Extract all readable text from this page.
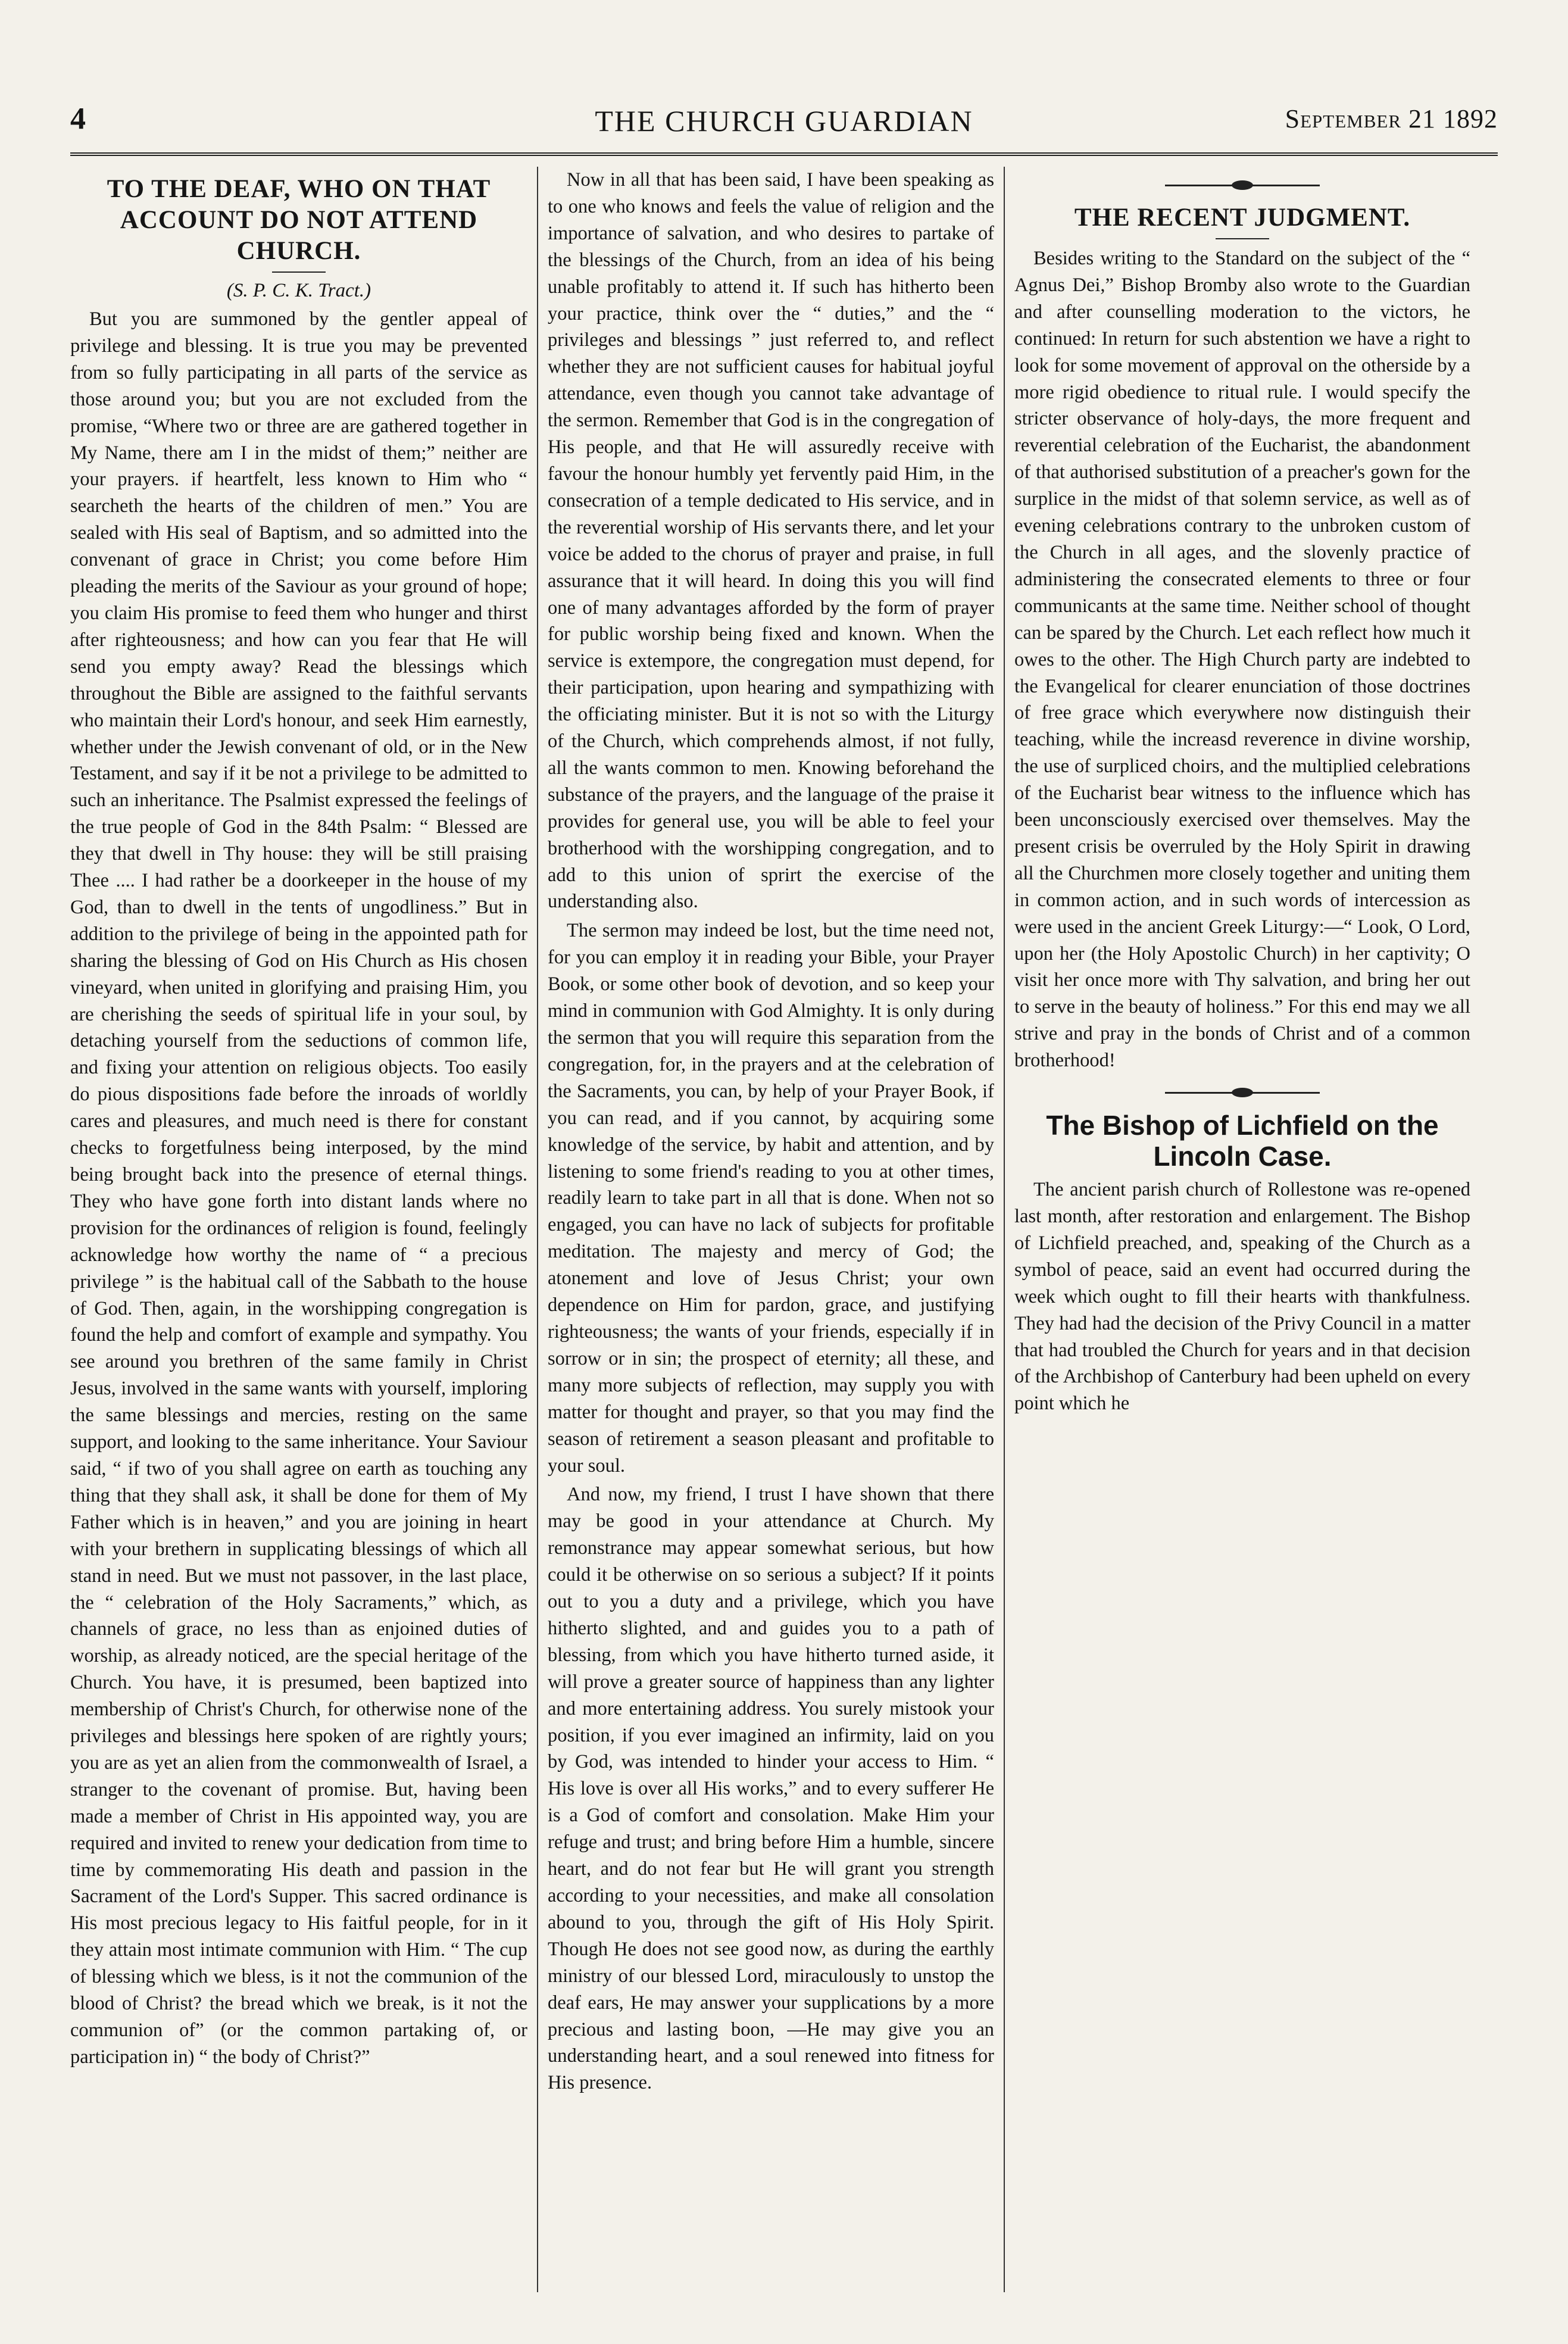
4	THE CHURCH GUARDIAN	September 21 1892
TO THE DEAF, WHO ON THAT ACCOUNT DO NOT ATTEND CHURCH.
(S. P. C. K. Tract.)

But you are summoned by the gentler appeal of privilege and blessing. It is true you may be prevented from so fully participating in all parts of the service as those around you; but you are not excluded from the promise, “Where two or three are are gathered together in My Name, there am I in the midst of them;” neither are your prayers. if heartfelt, less known to Him who “ searcheth the hearts of the children of men.” You are sealed with His seal of Baptism, and so admitted into the convenant of grace in Christ; you come before Him pleading the merits of the Saviour as your ground of hope; you claim His promise to feed them who hunger and thirst after righteousness; and how can you fear that He will send you empty away? Read the blessings which throughout the Bible are assigned to the faithful servants who maintain their Lord's honour, and seek Him earnestly, whether under the Jewish convenant of old, or in the New Testament, and say if it be not a privilege to be admitted to such an inheritance. The Psalmist expressed the feelings of the true people of God in the 84th Psalm: “ Blessed are they that dwell in Thy house: they will be still praising Thee .... I had rather be a doorkeeper in the house of my God, than to dwell in the tents of ungodliness.” But in addition to the privilege of being in the appointed path for sharing the blessing of God on His Church as His chosen vineyard, when united in glorifying and praising Him, you are cherishing the seeds of spiritual life in your soul, by detaching yourself from the seductions of common life, and fixing your attention on religious objects. Too easily do pious dispositions fade before the inroads of worldly cares and pleasures, and much need is there for constant checks to forgetfulness being interposed, by the mind being brought back into the presence of eternal things. They who have gone forth into distant lands where no provision for the ordinances of religion is found, feelingly acknowledge how worthy the name of “ a precious privilege ” is the habitual call of the Sabbath to the house of God. Then, again, in the worshipping congregation is found the help and comfort of example and sympathy. You see around you brethren of the same family in Christ Jesus, involved in the same wants with yourself, imploring the same blessings and mercies, resting on the same support, and looking to the same inheritance. Your Saviour said, “ if two of you shall agree on earth as touching any thing that they shall ask, it shall be done for them of My Father which is in heaven,” and you are joining in heart with your brethern in supplicating blessings of which all stand in need. But we must not passover, in the last place, the “ celebration of the Holy Sacraments,” which, as channels of grace, no less than as enjoined duties of worship, as already noticed, are the special heritage of the Church. You have, it is presumed, been baptized into membership of Christ's Church, for otherwise none of the privileges and blessings here spoken of are rightly yours; you are as yet an alien from the commonwealth of Israel, a stranger to the covenant of promise. But, having been made a member of Christ in His appointed way, you are required and invited to renew your dedication from time to time by commemorating His death and passion in the Sacrament of the Lord's Supper. This sacred ordinance is His most precious legacy to His faitful people, for in it they attain most intimate communion with Him. “ The cup of blessing which we bless, is it not the communion of the blood of Christ? the bread which we break, is it not the communion of” (or the common partaking of, or participation in) “ the body of Christ?”

Now in all that has been said, I have been speaking as to one who knows and feels the value of religion and the importance of salvation, and who desires to partake of the blessings of the Church, from an idea of his being unable profitably to attend it. If such has hitherto been your practice, think over the “ duties,” and the “ privileges and blessings ” just referred to, and reflect whether they are not sufficient causes for habitual joyful attendance, even though you cannot take advantage of the sermon. Remember that God is in the congregation of His people, and that He will assuredly receive with favour the honour humbly yet fervently paid Him, in the consecration of a temple dedicated to His service, and in the reverential worship of His servants there, and let your voice be added to the chorus of prayer and praise, in full assurance that it will heard. In doing this you will find one of many advantages afforded by the form of prayer for public worship being fixed and known. When the service is extempore, the congregation must depend, for their participation, upon hearing and sympathizing with the officiating minister. But it is not so with the Liturgy of the Church, which comprehends almost, if not fully, all the wants common to men. Knowing beforehand the substance of the prayers, and the language of the praise it provides for general use, you will be able to feel your brotherhood with the worshipping congregation, and to add to this union of sprirt the exercise of the understanding also.

The sermon may indeed be lost, but the time need not, for you can employ it in reading your Bible, your Prayer Book, or some other book of devotion, and so keep your mind in communion with God Almighty. It is only during the sermon that you will require this separation from the congregation, for, in the prayers and at the celebration of the Sacraments, you can, by help of your Prayer Book, if you can read, and if you cannot, by acquiring some knowledge of the service, by habit and attention, and by listening to some friend's reading to you at other times, readily learn to take part in all that is done. When not so engaged, you can have no lack of subjects for profitable meditation. The majesty and mercy of God; the atonement and love of Jesus Christ; your own dependence on Him for pardon, grace, and justifying righteousness; the wants of your friends, especially if in sorrow or in sin; the prospect of eternity; all these, and many more subjects of reflection, may supply you with matter for thought and prayer, so that you may find the season of retirement a season pleasant and profitable to your soul.

And now, my friend, I trust I have shown that there may be good in your attendance at Church. My remonstrance may appear somewhat serious, but how could it be otherwise on so serious a subject? If it points out to you a duty and a privilege, which you have hitherto slighted, and and guides you to a path of blessing, from which you have hitherto turned aside, it will prove a greater source of happiness than any lighter and more entertaining address. You surely mistook your position, if you ever imagined an infirmity, laid on you by God, was intended to hinder your access to Him. “ His love is over all His works,” and to every sufferer He is a God of comfort and consolation. Make Him your refuge and trust; and bring before Him a humble, sincere heart, and do not fear but He will grant you strength according to your necessities, and make all consolation abound to you, through the gift of His Holy Spirit. Though He does not see good now, as during the earthly ministry of our blessed Lord, miraculously to unstop the deaf ears, He may answer your supplications by a more precious and lasting boon, —He may give you an understanding heart, and a soul renewed into fitness for His presence.

THE RECENT JUDGMENT.

Besides writing to the Standard on the subject of the “ Agnus Dei,” Bishop Bromby also wrote to the Guardian and after counselling moderation to the victors, he continued: In return for such abstention we have a right to look for some movement of approval on the otherside by a more rigid obedience to ritual rule. I would specify the stricter observance of holy-days, the more frequent and reverential celebration of the Eucharist, the abandonment of that authorised substitution of a preacher's gown for the surplice in the midst of that solemn service, as well as of evening celebrations contrary to the unbroken custom of the Church in all ages, and the slovenly practice of administering the consecrated elements to three or four communicants at the same time. Neither school of thought can be spared by the Church. Let each reflect how much it owes to the other. The High Church party are indebted to the Evangelical for clearer enunciation of those doctrines of free grace which everywhere now distinguish their teaching, while the increasd reverence in divine worship, the use of surpliced choirs, and the multiplied celebrations of the Eucharist bear witness to the influence which has been unconsciously exercised over themselves. May the present crisis be overruled by the Holy Spirit in drawing all the Churchmen more closely together and uniting them in common action, and in such words of intercession as were used in the ancient Greek Liturgy:—“ Look, O Lord, upon her (the Holy Apostolic Church) in her captivity; O visit her once more with Thy salvation, and bring her out to serve in the beauty of holiness.” For this end may we all strive and pray in the bonds of Christ and of a common brotherhood!

The Bishop of Lichfield on the Lincoln Case.

The ancient parish church of Rollestone was re-opened last month, after restoration and enlargement. The Bishop of Lichfield preached, and, speaking of the Church as a symbol of peace, said an event had occurred during the week which ought to fill their hearts with thankfulness. They had had the decision of the Privy Council in a matter that had troubled the Church for years and in that decision of the Archbishop of Canterbury had been upheld on every point which he
